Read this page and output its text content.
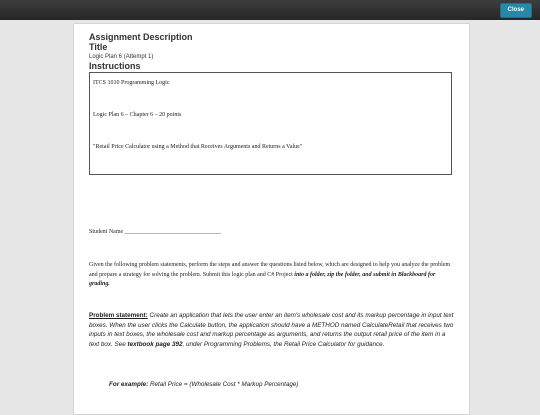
Close
Assignment Description
Title
Logic Plan 6 (Attempt 1)
Instructions
ITCS 1010 Programming Logic
Logic Plan 6 – Chapter 6 – 20 points
"Retail Price Calculator using a Method that Receives Arguments and Returns a Value"
Student Name ________________________________
Given the following problem statements, perform the steps and answer the questions listed below, which are designed to help you analyze the problem and prepare a strategy for solving the problem. Submit this logic plan and C# Project into a folder, zip the folder, and submit in Blackboard for grading.
Problem statement: Create an application that lets the user enter an item's wholesale cost and its markup percentage in input text boxes. When the user clicks the Calculate button, the application should have a METHOD named CalculateRetail that receives two inputs in text boxes, the wholesale cost and markup percentage as arguments, and returns the output retail price of the item in a text box. See textbook page 392, under Programming Problems, the Retail Price Calculator for guidance.
For example: Retail Price = (Wholesale Cost * Markup Percentage)
